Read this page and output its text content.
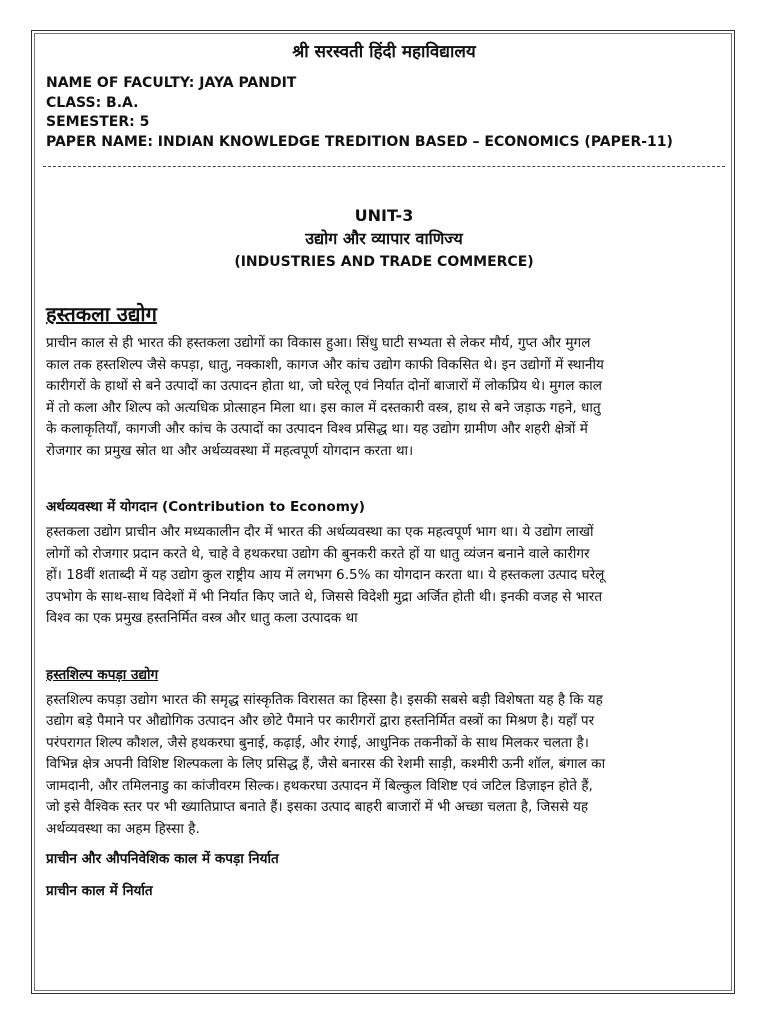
श्री सरस्वती हिंदी महाविद्यालय
NAME OF FACULTY: JAYA PANDIT
CLASS: B.A.
SEMESTER: 5
PAPER NAME: INDIAN KNOWLEDGE TREDITION BASED – ECONOMICS (PAPER-11)
UNIT-3
उद्योग और व्यापार वाणिज्य
(INDUSTRIES AND TRADE COMMERCE)
हस्तकला उद्योग
प्राचीन काल से ही भारत की हस्तकला उद्योगों का विकास हुआ। सिंधु घाटी सभ्यता से लेकर मौर्य, गुप्त और मुगल
काल तक हस्तशिल्प जैसे कपड़ा, धातु, नक्काशी, कागज और कांच उद्योग काफी विकसित थे। इन उद्योगों में स्थानीय
कारीगरों के हाथों से बने उत्पादों का उत्पादन होता था, जो घरेलू एवं निर्यात दोनों बाजारों में लोकप्रिय थे। मुगल काल
में तो कला और शिल्प को अत्यधिक प्रोत्साहन मिला था। इस काल में दस्तकारी वस्त्र, हाथ से बने जड़ाऊ गहने, धातु
के कलाकृतियाँ, कागजी और कांच के उत्पादों का उत्पादन विश्व प्रसिद्ध था। यह उद्योग ग्रामीण और शहरी क्षेत्रों में
रोजगार का प्रमुख स्रोत था और अर्थव्यवस्था में महत्वपूर्ण योगदान करता था।
अर्थव्यवस्था में योगदान (Contribution to Economy)
हस्तकला उद्योग प्राचीन और मध्यकालीन दौर में भारत की अर्थव्यवस्था का एक महत्वपूर्ण भाग था। ये उद्योग लाखों
लोगों को रोजगार प्रदान करते थे, चाहे वे हथकरघा उद्योग की बुनकरी करते हों या धातु व्यंजन बनाने वाले कारीगर
हों। 18वीं शताब्दी में यह उद्योग कुल राष्ट्रीय आय में लगभग 6.5% का योगदान करता था। ये हस्तकला उत्पाद घरेलू
उपभोग के साथ-साथ विदेशों में भी निर्यात किए जाते थे, जिससे विदेशी मुद्रा अर्जित होती थी। इनकी वजह से भारत
विश्व का एक प्रमुख हस्तनिर्मित वस्त्र और धातु कला उत्पादक था
हस्तशिल्प कपड़ा उद्योग
हस्तशिल्प कपड़ा उद्योग भारत की समृद्ध सांस्कृतिक विरासत का हिस्सा है। इसकी सबसे बड़ी विशेषता यह है कि यह
उद्योग बड़े पैमाने पर औद्योगिक उत्पादन और छोटे पैमाने पर कारीगरों द्वारा हस्तनिर्मित वस्त्रों का मिश्रण है। यहाँ पर
परंपरागत शिल्प कौशल, जैसे हथकरघा बुनाई, कढ़ाई, और रंगाई, आधुनिक तकनीकों के साथ मिलकर चलता है।
विभिन्न क्षेत्र अपनी विशिष्ट शिल्पकला के लिए प्रसिद्ध हैं, जैसे बनारस की रेशमी साड़ी, कश्मीरी ऊनी शॉल, बंगाल का
जामदानी, और तमिलनाडु का कांजीवरम सिल्क। हथकरघा उत्पादन में बिल्कुल विशिष्ट एवं जटिल डिज़ाइन होते हैं,
जो इसे वैश्विक स्तर पर भी ख्यातिप्राप्त बनाते हैं। इसका उत्पाद बाहरी बाजारों में भी अच्छा चलता है, जिससे यह
अर्थव्यवस्था का अहम हिस्सा है.
प्राचीन और औपनिवेशिक काल में कपड़ा निर्यात
प्राचीन काल में निर्यात
